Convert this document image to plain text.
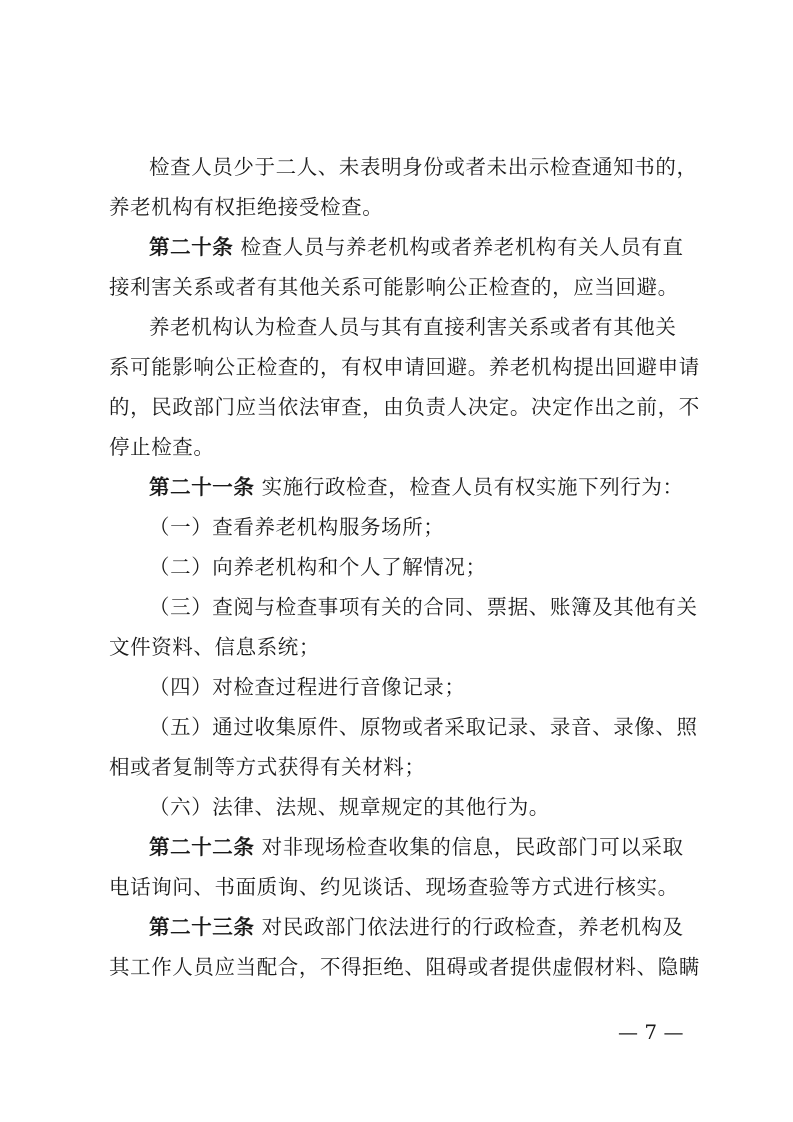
检查人员少于二人、未表明身份或者未出示检查通知书的，
养老机构有权拒绝接受检查。
第二十条 检查人员与养老机构或者养老机构有关人员有直
接利害关系或者有其他关系可能影响公正检查的，应当回避。
养老机构认为检查人员与其有直接利害关系或者有其他关
系可能影响公正检查的，有权申请回避。养老机构提出回避申请
的，民政部门应当依法审查，由负责人决定。决定作出之前，不
停止检查。
第二十一条 实施行政检查，检查人员有权实施下列行为：
（一）查看养老机构服务场所；
（二）向养老机构和个人了解情况；
（三）查阅与检查事项有关的合同、票据、账簿及其他有关
文件资料、信息系统；
（四）对检查过程进行音像记录；
（五）通过收集原件、原物或者采取记录、录音、录像、照
相或者复制等方式获得有关材料；
（六）法律、法规、规章规定的其他行为。
第二十二条 对非现场检查收集的信息，民政部门可以采取
电话询问、书面质询、约见谈话、现场查验等方式进行核实。
第二十三条 对民政部门依法进行的行政检查，养老机构及
其工作人员应当配合，不得拒绝、阻碍或者提供虚假材料、隐瞒
— 7 —
